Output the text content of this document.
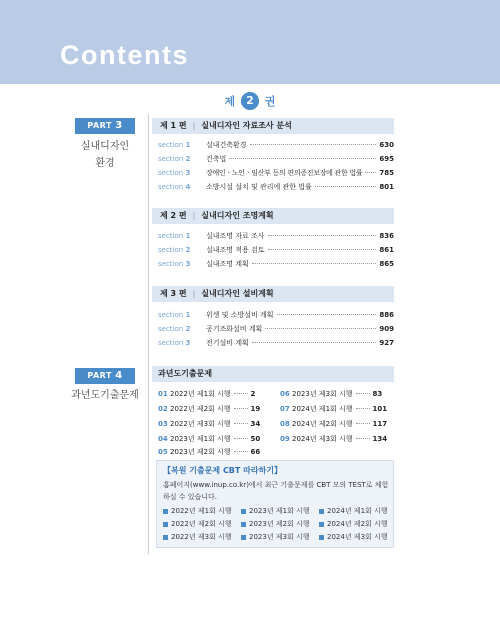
Contents
제 2 권
PART 3
실내디자인
환경
PART 4
과년도기출문제
제 1 편 | 실내디자인 자료조사 분석
section 1	실내건축환경	630
section 2	건축법	695
section 3	장애인ㆍ노인ㆍ임산부 등의 편의증진보장에 관한 법률 785
section 4	소방시설 설치 및 관리에 관한 법률	801
제 2 편 | 실내디자인 조명계획
section 1	실내조명 자료 조사	836
section 2	실내조명 적용 검토	861
section 3	실내조명 계획	865
제 3 편 | 실내디자인 설비계획
section 1	위생 및 소방설비 계획	886
section 2	공기조화설비 계획	909
section 3	전기설비 계획	927
과년도기출문제
01 2022년 제1회 시행	2
02 2022년 제2회 시행	19
03 2022년 제3회 시행	34
04 2023년 제1회 시행	50
05 2023년 제2회 시행	66
06 2023년 제3회 시행	83
07 2024년 제1회 시행	101
08 2024년 제2회 시행	117
09 2024년 제3회 시행	134
【복원 기출문제 CBT 따라하기】
홈페이지(www.inup.co.kr)에서 최근 기출문제를 CBT 모의 TEST로 체험하실 수 있습니다.
2022년 제1회 시행	2023년 제1회 시행	2024년 제1회 시행
2022년 제2회 시행	2023년 제2회 시행	2024년 제2회 시행
2022년 제3회 시행	2023년 제3회 시행	2024년 제3회 시행
